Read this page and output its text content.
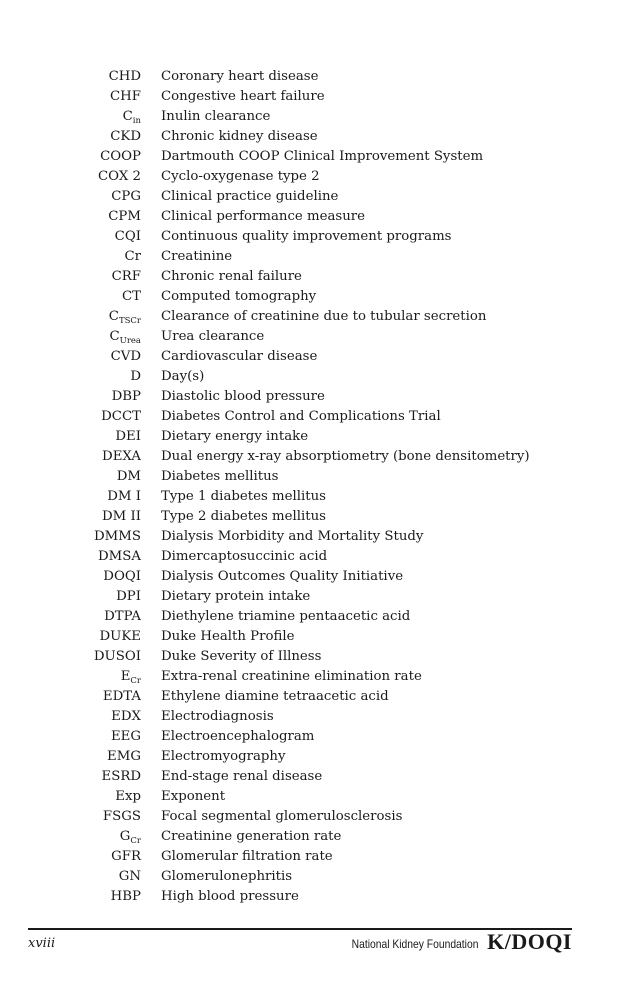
CHD Coronary heart disease
CHF Congestive heart failure
$C_{in}$ Inulin clearance
CKD Chronic kidney disease
COOP Dartmouth COOP Clinical Improvement System
COX 2 Cyclo-oxygenase type 2
CPG Clinical practice guideline
CPM Clinical performance measure
CQI Continuous quality improvement programs
Cr Creatinine
CRF Chronic renal failure
CT Computed tomography
$C_{TSCr}$ Clearance of creatinine due to tubular secretion
$C_{Urea}$ Urea clearance
CVD Cardiovascular disease
D Day(s)
DBP Diastolic blood pressure
DCCT Diabetes Control and Complications Trial
DEI Dietary energy intake
DEXA Dual energy x-ray absorptiometry (bone densitometry)
DM Diabetes mellitus
DM I Type 1 diabetes mellitus
DM II Type 2 diabetes mellitus
DMMS Dialysis Morbidity and Mortality Study
DMSA Dimercaptosuccinic acid
DOQI Dialysis Outcomes Quality Initiative
DPI Dietary protein intake
DTPA Diethylene triamine pentaacetic acid
DUKE Duke Health Profile
DUSOI Duke Severity of Illness
$E_{Cr}$ Extra-renal creatinine elimination rate
EDTA Ethylene diamine tetraacetic acid
EDX Electrodiagnosis
EEG Electroencephalogram
EMG Electromyography
ESRD End-stage renal disease
Exp Exponent
FSGS Focal segmental glomerulosclerosis
$G_{Cr}$ Creatinine generation rate
GFR Glomerular filtration rate
GN Glomerulonephritis
HBP High blood pressure
xviii	National Kidney Foundation K/DOQI
